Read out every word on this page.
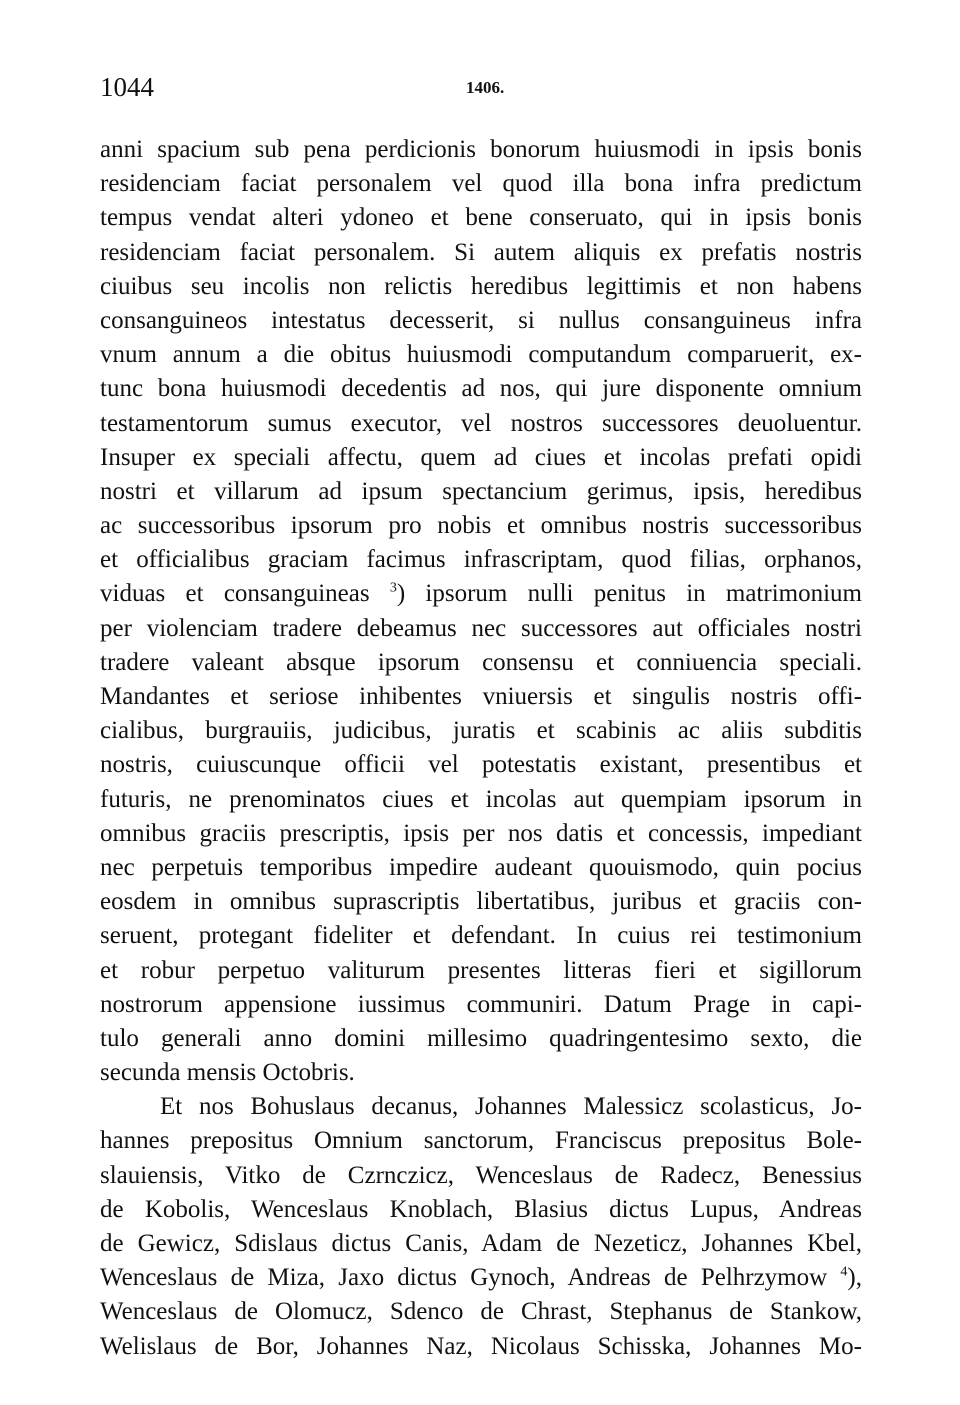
1044	1406.
anni spacium sub pena perdicionis bonorum huiusmodi in ipsis bonis
residenciam faciat personalem vel quod illa bona infra predictum
tempus vendat alteri ydoneo et bene conseruato, qui in ipsis bonis
residenciam faciat personalem. Si autem aliquis ex prefatis nostris
ciuibus seu incolis non relictis heredibus legittimis et non habens
consanguineos intestatus decesserit, si nullus consanguineus infra
vnum annum a die obitus huiusmodi computandum comparuerit, ex-
tunc bona huiusmodi decedentis ad nos, qui jure disponente omnium
testamentorum sumus executor, vel nostros successores deuoluentur.
Insuper ex speciali affectu, quem ad ciues et incolas prefati opidi
nostri et villarum ad ipsum spectancium gerimus, ipsis, heredibus
ac successoribus ipsorum pro nobis et omnibus nostris successoribus
et officialibus graciam facimus infrascriptam, quod filias, orphanos,
viduas et consanguineas $^3$) ipsorum nulli penitus in matrimonium
per violenciam tradere debeamus nec successores aut officiales nostri
tradere valeant absque ipsorum consensu et conniuencia speciali.
Mandantes et seriose inhibentes vniuersis et singulis nostris offi-
cialibus, burgrauiis, judicibus, juratis et scabinis ac aliis subditis
nostris, cuiuscunque officii vel potestatis existant, presentibus et
futuris, ne prenominatos ciues et incolas aut quempiam ipsorum in
omnibus graciis prescriptis, ipsis per nos datis et concessis, impediant
nec perpetuis temporibus impedire audeant quouismodo, quin pocius
eosdem in omnibus suprascriptis libertatibus, juribus et graciis con-
seruent, protegant fideliter et defendant. In cuius rei testimonium
et robur perpetuo valiturum presentes litteras fieri et sigillorum
nostrorum appensione iussimus communiri. Datum Prage in capi-
tulo generali anno domini millesimo quadringentesimo sexto, die
secunda mensis Octobris.
Et nos Bohuslaus decanus, Johannes Malessicz scolasticus, Jo-
hannes prepositus Omnium sanctorum, Franciscus prepositus Bole-
slauiensis, Vitko de Czrnczicz, Wenceslaus de Radecz, Benessius
de Kobolis, Wenceslaus Knoblach, Blasius dictus Lupus, Andreas
de Gewicz, Sdislaus dictus Canis, Adam de Nezeticz, Johannes Kbel,
Wenceslaus de Miza, Jaxo dictus Gynoch, Andreas de Pelhrzymow $^4$),
Wenceslaus de Olomucz, Sdenco de Chrast, Stephanus de Stankow,
Welislaus de Bor, Johannes Naz, Nicolaus Schisska, Johannes Mo-
